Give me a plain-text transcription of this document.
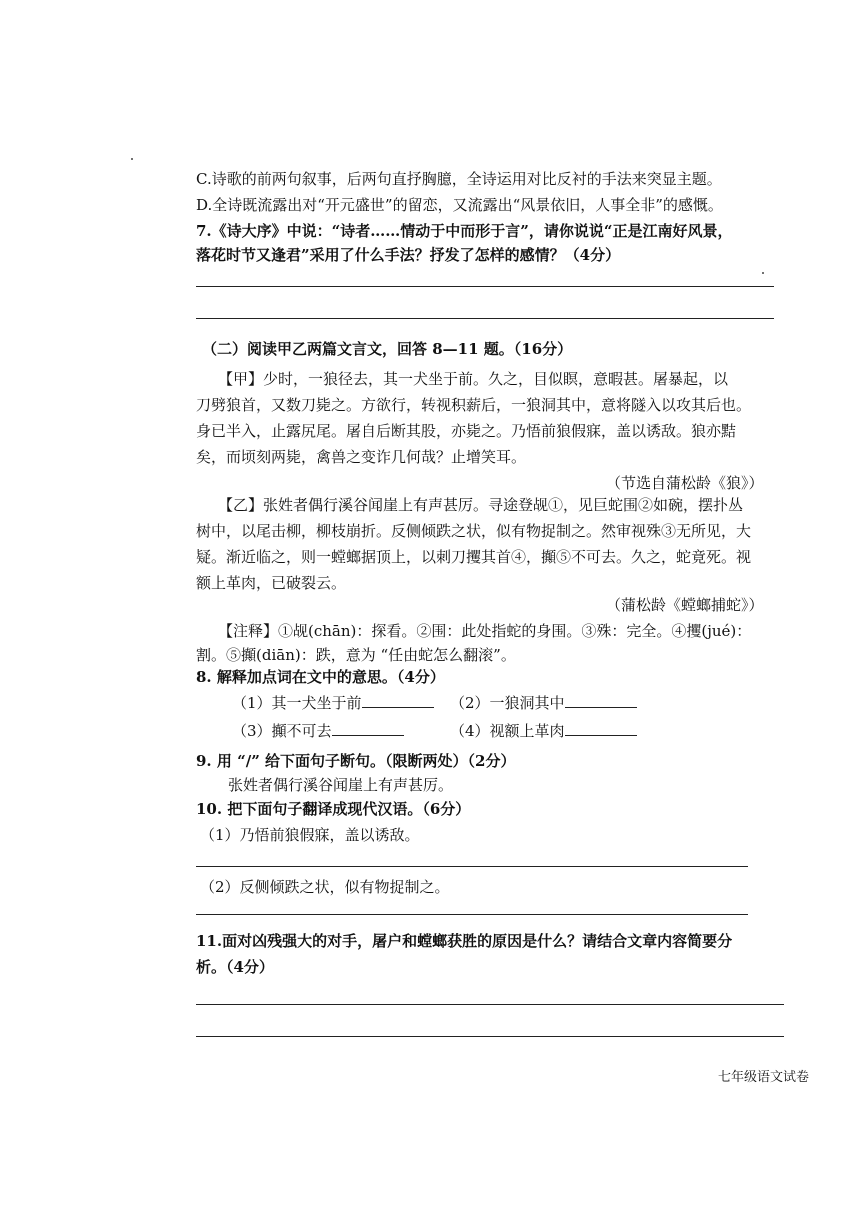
C.诗歌的前两句叙事，后两句直抒胸臆，全诗运用对比反衬的手法来突显主题。
D.全诗既流露出对“开元盛世”的留恋，又流露出“风景依旧，人事全非”的感慨。
7.《诗大序》中说：“诗者……情动于中而形于言”，请你说说“正是江南好风景，
落花时节又逢君”采用了什么手法？抒发了怎样的感情？（4分）
（二）阅读甲乙两篇文言文，回答 8—11 题。（16分）
【甲】少时，一狼径去，其一犬坐于前。久之，目似瞑，意暇甚。屠暴起，以
刀劈狼首，又数刀毙之。方欲行，转视积薪后，一狼洞其中，意将隧入以攻其后也。
身已半入，止露尻尾。屠自后断其股，亦毙之。乃悟前狼假寐，盖以诱敌。狼亦黠
矣，而顷刻两毙，禽兽之变诈几何哉？止增笑耳。
（节选自蒲松龄《狼》）
【乙】张姓者偶行溪谷闻崖上有声甚厉。寻途登觇①，见巨蛇围②如碗，摆扑丛
树中，以尾击柳，柳枝崩折。反侧倾跌之状，似有物捉制之。然审视殊③无所见，大
疑。渐近临之，则一螳螂据顶上，以刺刀攫其首④，攧⑤不可去。久之，蛇竟死。视
额上革肉，已破裂云。
（蒲松龄《螳螂捕蛇》）
【注释】①觇(chān)：探看。②围：此处指蛇的身围。③殊：完全。④攫(jué)：
割。⑤攧(diān)：跌，意为 “任由蛇怎么翻滚”。
8. 解释加点词在文中的意思。（4分）
（1）其一犬坐于前	（2）一狼洞其中
（3）攧不可去	（4）视额上革肉
9. 用 “/” 给下面句子断句。（限断两处）（2分）
张姓者偶行溪谷闻崖上有声甚厉。
10. 把下面句子翻译成现代汉语。（6分）
（1）乃悟前狼假寐，盖以诱敌。
（2）反侧倾跌之状，似有物捉制之。
11.面对凶残强大的对手，屠户和螳螂获胜的原因是什么？请结合文章内容简要分
析。（4分）
七年级语文试卷
